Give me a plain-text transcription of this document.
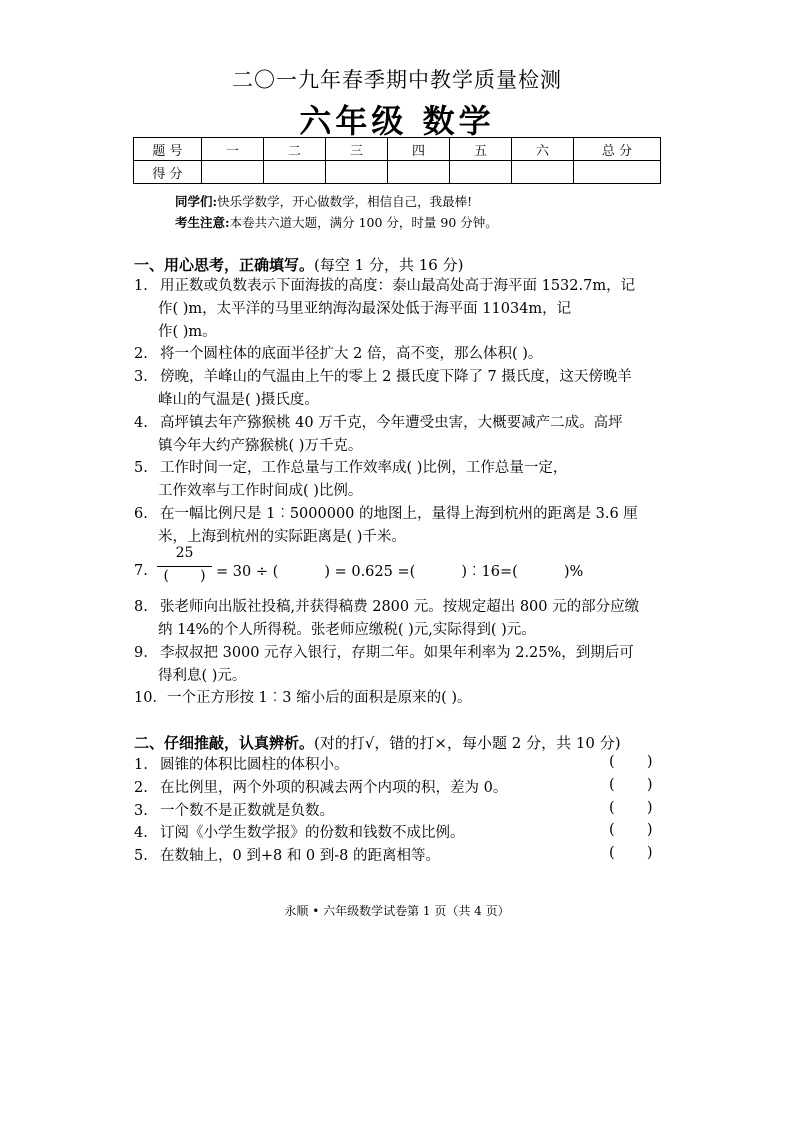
二〇一九年春季期中教学质量检测
六年级 数学
题 号	一	二	三	四	五	六	总 分
得 分							
同学们:快乐学数学，开心做数学，相信自己，我最棒!
考生注意:本卷共六道大题，满分 100 分，时量 90 分钟。
一、用心思考，正确填写。(每空 1 分，共 16 分)
1. 用正数或负数表示下面海拔的高度：泰山最高处高于海平面 1532.7m，记
作( )m，太平洋的马里亚纳海沟最深处低于海平面 11034m，记
作( )m。
2. 将一个圆柱体的底面半径扩大 2 倍，高不变，那么体积( )。
3. 傍晚，羊峰山的气温由上午的零上 2 摄氏度下降了 7 摄氏度，这天傍晚羊
峰山的气温是( )摄氏度。
4. 高坪镇去年产猕猴桃 40 万千克，今年遭受虫害，大概要减产二成。高坪
镇今年大约产猕猴桃( )万千克。
5. 工作时间一定，工作总量与工作效率成( )比例，工作总量一定，
工作效率与工作时间成( )比例。
6. 在一幅比例尺是 1︰5000000 的地图上，量得上海到杭州的距离是 3.6 厘
米，上海到杭州的实际距离是( )千米。
7.
25
(       ) = 30 ÷ (          ) = 0.625 =(          )︰16=(          )%
8. 张老师向出版社投稿,并获得稿费 2800 元。按规定超出 800 元的部分应缴
纳 14%的个人所得税。张老师应缴税( )元,实际得到( )元。
9. 李叔叔把 3000 元存入银行，存期二年。如果年利率为 2.25%，到期后可
得利息( )元。
10．一个正方形按 1︰3 缩小后的面积是原来的( )。
二、仔细推敲，认真辨析。(对的打√，错的打×，每小题 2 分，共 10 分)
1. 圆锥的体积比圆柱的体积小。	(       )
2. 在比例里，两个外项的积减去两个内项的积，差为 0。	(       )
3. 一个数不是正数就是负数。	(       )
4. 订阅《小学生数学报》的份数和钱数不成比例。	(       )
5. 在数轴上，0 到+8 和 0 到-8 的距离相等。	(       )
永顺 • 六年级数学试卷第 1 页（共 4 页）
